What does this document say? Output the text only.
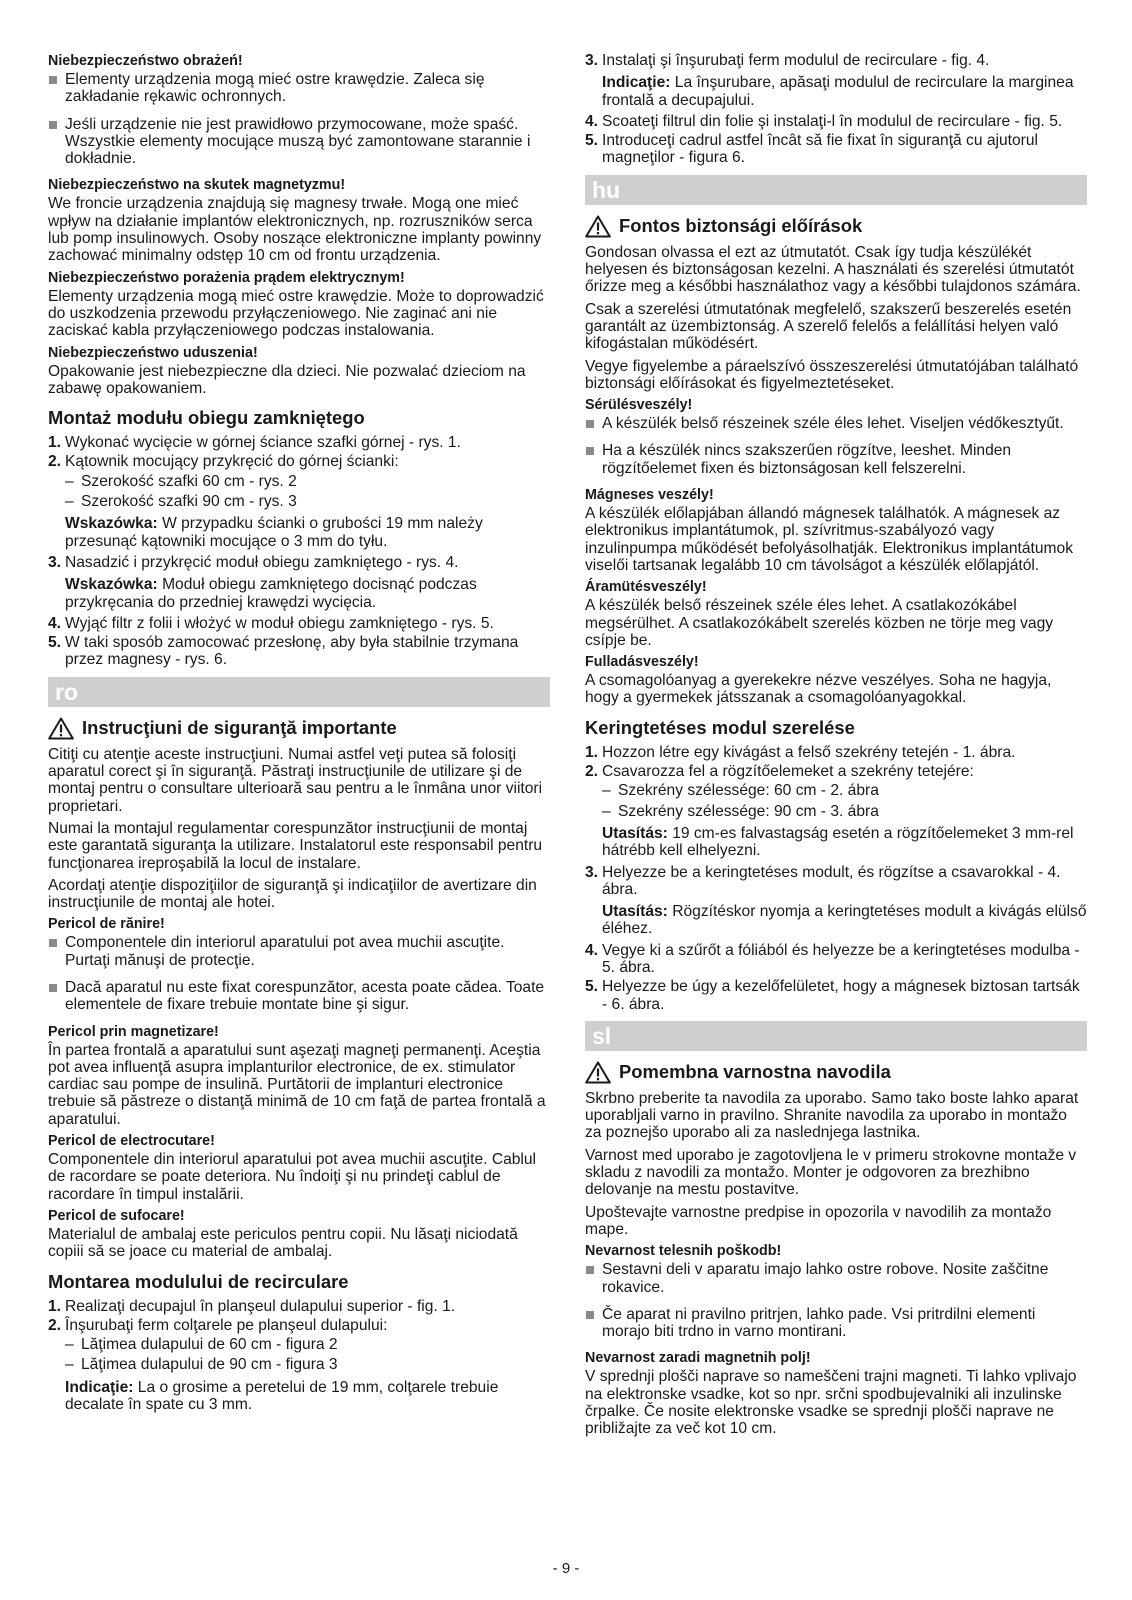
Niebezpieczeństwo obrażeń!
Elementy urządzenia mogą mieć ostre krawędzie. Zaleca się zakładanie rękawic ochronnych.
Jeśli urządzenie nie jest prawidłowo przymocowane, może spaść. Wszystkie elementy mocujące muszą być zamontowane starannie i dokładnie.
Niebezpieczeństwo na skutek magnetyzmu!
We froncie urządzenia znajdują się magnesy trwałe. Mogą one mieć wpływ na działanie implantów elektronicznych, np. rozruszników serca lub pomp insulinowych. Osoby noszące elektroniczne implanty powinny zachować minimalny odstęp 10 cm od frontu urządzenia.
Niebezpieczeństwo porażenia prądem elektrycznym!
Elementy urządzenia mogą mieć ostre krawędzie. Może to doprowadzić do uszkodzenia przewodu przyłączeniowego. Nie zaginać ani nie zaciskać kabla przyłączeniowego podczas instalowania.
Niebezpieczeństwo uduszenia!
Opakowanie jest niebezpieczne dla dzieci. Nie pozwalać dzieciom na zabawę opakowaniem.
Montaż modułu obiegu zamkniętego
1. Wykonać wycięcie w górnej ściance szafki górnej - rys. 1.
2. Kątownik mocujący przykręcić do górnej ścianki:
– Szerokość szafki 60 cm - rys. 2
– Szerokość szafki 90 cm - rys. 3
Wskazówka: W przypadku ścianki o grubości 19 mm należy przesunąć kątowniki mocujące o 3 mm do tyłu.
3. Nasadzić i przykręcić moduł obiegu zamkniętego - rys. 4.
Wskazówka: Moduł obiegu zamkniętego docisnąć podczas przykręcania do przedniej krawędzi wycięcia.
4. Wyjąć filtr z folii i włożyć w moduł obiegu zamkniętego - rys. 5.
5. W taki sposób zamocować przesłonę, aby była stabilnie trzymana przez magnesy - rys. 6.
ro
Instrucţiuni de siguranţă importante
Citiţi cu atenţie aceste instrucţiuni. Numai astfel veţi putea să folosiţi aparatul corect şi în siguranţă. Păstraţi instrucţiunile de utilizare şi de montaj pentru o consultare ulterioară sau pentru a le înmâna unor viitori proprietari.
Numai la montajul regulamentar corespunzător instrucţiunii de montaj este garantată siguranţa la utilizare. Instalatorul este responsabil pentru funcţionarea ireproşabilă la locul de instalare.
Acordaţi atenţie dispoziţiilor de siguranţă şi indicaţiilor de avertizare din instrucţiunile de montaj ale hotei.
Pericol de rănire!
Componentele din interiorul aparatului pot avea muchii ascuţite. Purtaţi mănuşi de protecţie.
Dacă aparatul nu este fixat corespunzător, acesta poate cădea. Toate elementele de fixare trebuie montate bine şi sigur.
Pericol prin magnetizare!
În partea frontală a aparatului sunt aşezaţi magneţi permanenţi. Aceştia pot avea influenţă asupra implanturilor electronice, de ex. stimulator cardiac sau pompe de insulină. Purtătorii de implanturi electronice trebuie să păstreze o distanţă minimă de 10 cm faţă de partea frontală a aparatului.
Pericol de electrocutare!
Componentele din interiorul aparatului pot avea muchii ascuţite. Cablul de racordare se poate deteriora. Nu îndoiţi şi nu prindeţi cablul de racordare în timpul instalării.
Pericol de sufocare!
Materialul de ambalaj este periculos pentru copii. Nu lăsaţi niciodată copiii să se joace cu material de ambalaj.
Montarea modulului de recirculare
1. Realizaţi decupajul în planşeul dulapului superior - fig. 1.
2. Înşurubaţi ferm colţarele pe planşeul dulapului:
– Lăţimea dulapului de 60 cm - figura 2
– Lăţimea dulapului de 90 cm - figura 3
Indicaţie: La o grosime a peretelui de 19 mm, colţarele trebuie decalate în spate cu 3 mm.
3. Instalaţi şi înşurubaţi ferm modulul de recirculare - fig. 4.
Indicaţie: La înşurubare, apăsaţi modulul de recirculare la marginea frontală a decupajului.
4. Scoateţi filtrul din folie şi instalaţi-l în modulul de recirculare - fig. 5.
5. Introduceţi cadrul astfel încât să fie fixat în siguranţă cu ajutorul magneţilor - figura 6.
hu
Fontos biztonsági előírások
Gondosan olvassa el ezt az útmutatót. Csak így tudja készülékét helyesen és biztonságosan kezelni. A használati és szerelési útmutatót őrizze meg a későbbi használathoz vagy a későbbi tulajdonos számára.
Csak a szerelési útmutatónak megfelelő, szakszerű beszerelés esetén garantált az üzembiztonság. A szerelő felelős a felállítási helyen való kifogástalan működésért.
Vegye figyelembe a páraelszívó összeszerelési útmutatójában található biztonsági előírásokat és figyelmeztetéseket.
Sérülésveszély!
A készülék belső részeinek széle éles lehet. Viseljen védőkesztyűt.
Ha a készülék nincs szakszerűen rögzítve, leeshet. Minden rögzítőelemet fixen és biztonságosan kell felszerelni.
Mágneses veszély!
A készülék előlapjában állandó mágnesek találhatók. A mágnesek az elektronikus implantátumok, pl. szívritmus-szabályozó vagy inzulinpumpa működését befolyásolhatják. Elektronikus implantátumok viselői tartsanak legalább 10 cm távolságot a készülék előlapjától.
Áramütésveszély!
A készülék belső részeinek széle éles lehet. A csatlakozókábel megsérülhet. A csatlakozókábelt szerelés közben ne törje meg vagy csípje be.
Fulladásveszély!
A csomagolóanyag a gyerekekre nézve veszélyes. Soha ne hagyja, hogy a gyermekek játsszanak a csomagolóanyagokkal.
Keringtetéses modul szerelése
1. Hozzon létre egy kivágást a felső szekrény tetején - 1. ábra.
2. Csavarozza fel a rögzítőelemeket a szekrény tetejére:
– Szekrény szélessége: 60 cm - 2. ábra
– Szekrény szélessége: 90 cm - 3. ábra
Utasítás: 19 cm-es falvastagság esetén a rögzítőelemeket 3 mm-rel hátrébb kell elhelyezni.
3. Helyezze be a keringtetéses modult, és rögzítse a csavarokkal - 4. ábra.
Utasítás: Rögzítéskor nyomja a keringtetéses modult a kivágás elülső éléhez.
4. Vegye ki a szűrőt a fóliából és helyezze be a keringtetéses modulba - 5. ábra.
5. Helyezze be úgy a kezelőfelületet, hogy a mágnesek biztosan tartsák - 6. ábra.
sl
Pomembna varnostna navodila
Skrbno preberite ta navodila za uporabo. Samo tako boste lahko aparat uporabljali varno in pravilno. Shranite navodila za uporabo in montažo za poznejšo uporabo ali za naslednjega lastnika.
Varnost med uporabo je zagotovljena le v primeru strokovne montaže v skladu z navodili za montažo. Monter je odgovoren za brezhibno delovanje na mestu postavitve.
Upoštevajte varnostne predpise in opozorila v navodilih za montažo mape.
Nevarnost telesnih poškodb!
Sestavni deli v aparatu imajo lahko ostre robove. Nosite zaščitne rokavice.
Če aparat ni pravilno pritrjen, lahko pade. Vsi pritrdilni elementi morajo biti trdno in varno montirani.
Nevarnost zaradi magnetnih polj!
V sprednji plošči naprave so nameščeni trajni magneti. Ti lahko vplivajo na elektronske vsadke, kot so npr. srčni spodbujevalniki ali inzulinske črpalke. Če nosite elektronske vsadke se sprednji plošči naprave ne približajte za več kot 10 cm.
- 9 -
